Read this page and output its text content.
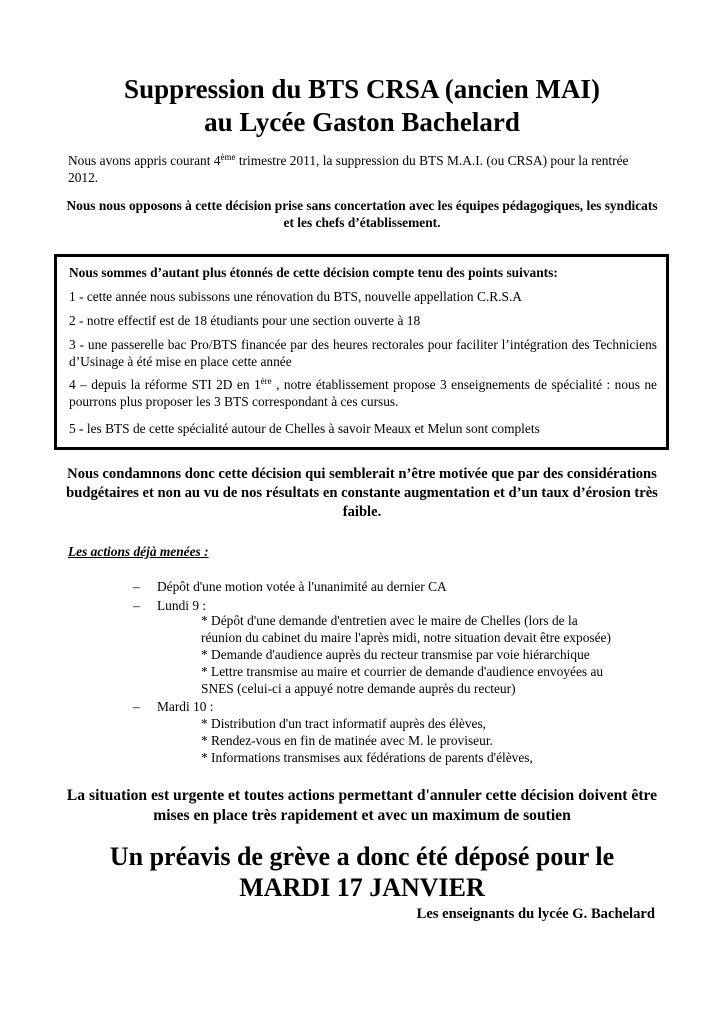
Suppression du BTS CRSA (ancien MAI)
au Lycée Gaston Bachelard

Nous avons appris courant 4ème trimestre 2011, la suppression du BTS M.A.I. (ou CRSA) pour la rentrée 2012.

Nous nous opposons à cette décision prise sans concertation avec les équipes pédagogiques, les syndicats et les chefs d’établissement.

Nous sommes d’autant plus étonnés de cette décision compte tenu des points suivants:

1 - cette année nous subissons une rénovation du BTS, nouvelle appellation C.R.S.A

2 - notre effectif est de 18 étudiants pour une section ouverte à 18

3 - une passerelle bac Pro/BTS financée par des heures rectorales pour faciliter l’intégration des Techniciens d’Usinage à été mise en place cette année

4 – depuis la réforme STI 2D en 1ère , notre établissement propose 3 enseignements de spécialité : nous ne pourrons plus proposer les 3 BTS correspondant à ces cursus.

5 - les BTS de cette spécialité autour de Chelles à savoir Meaux et Melun sont complets

Nous condamnons donc cette décision qui semblerait n’être motivée que par des considérations budgétaires et non au vu de nos résultats en constante augmentation et d’un taux d’érosion très faible.

Les actions déjà menées :

– Dépôt d'une motion votée à l'unanimité au dernier CA
– Lundi 9 :

* Dépôt d'une demande d'entretien avec le maire de Chelles (lors de la

réunion du cabinet du maire l'après midi, notre situation devait être exposée)

* Demande d'audience auprès du recteur transmise par voie hiérarchique

* Lettre transmise au maire et courrier de demande d'audience envoyées au

SNES (celui-ci a appuyé notre demande auprès du recteur)

– Mardi 10 :

* Distribution d'un tract informatif auprès des élèves,

* Rendez-vous en fin de matinée avec M. le proviseur.

* Informations transmises aux fédérations de parents d'élèves,

La situation est urgente et toutes actions permettant d'annuler cette décision doivent être mises en place très rapidement et avec un maximum de soutien

Un préavis de grève a donc été déposé pour le
MARDI 17 JANVIER

Les enseignants du lycée G. Bachelard
